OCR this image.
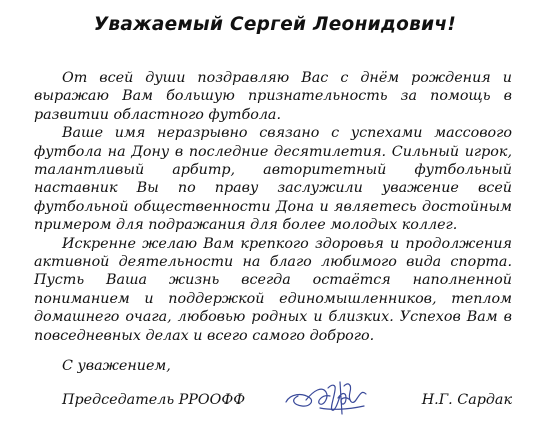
Уважаемый Сергей Леонидович!

От всей души поздравляю Вас с днём рождения и выражаю Вам большую признательность за помощь в развитии областного футбола.

Ваше имя неразрывно связано с успехами массового футбола на Дону в последние десятилетия. Сильный игрок, талантливый арбитр, авторитетный футбольный наставник Вы по праву заслужили уважение всей футбольной общественности Дона и являетесь достойным примером для подражания для более молодых коллег.

Искренне желаю Вам крепкого здоровья и продолжения активной деятельности на благо любимого вида спорта. Пусть Ваша жизнь всегда остаётся наполненной пониманием и поддержкой единомышленников, теплом домашнего очага, любовью родных и близких. Успехов Вам в повседневных делах и всего самого доброго.

С уважением,

Председатель РРООФФ	Н.Г. Сардак
